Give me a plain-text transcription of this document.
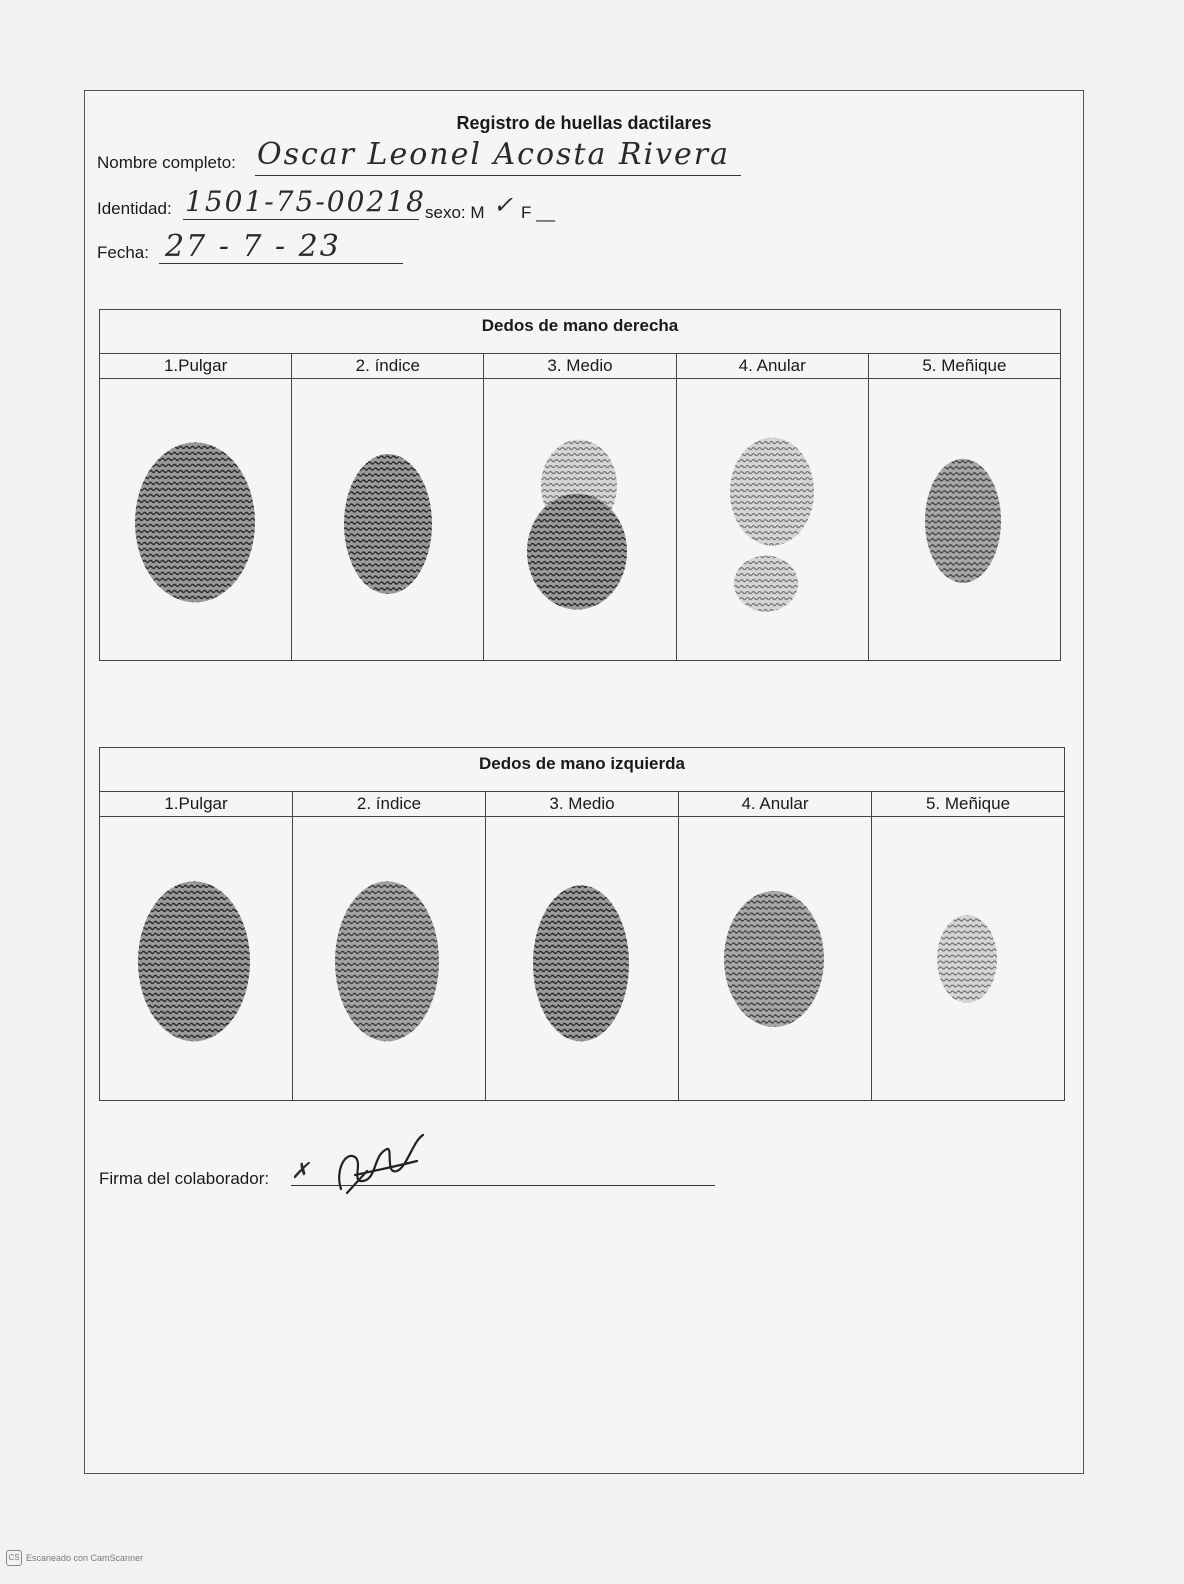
Registro de huellas dactilares
Nombre completo: Oscar Leonel Acosta Rivera
Identidad: 1501-75-00218 sexo: M ✓ F __
Fecha: 27 - 7 - 23
Dedos de mano derecha
1.Pulgar	2. índice	3. Medio	4. Anular	5. Meñique
Dedos de mano izquierda
1.Pulgar	2. índice	3. Medio	4. Anular	5. Meñique
Firma del colaborador: ✗
CS Escaneado con CamScanner
